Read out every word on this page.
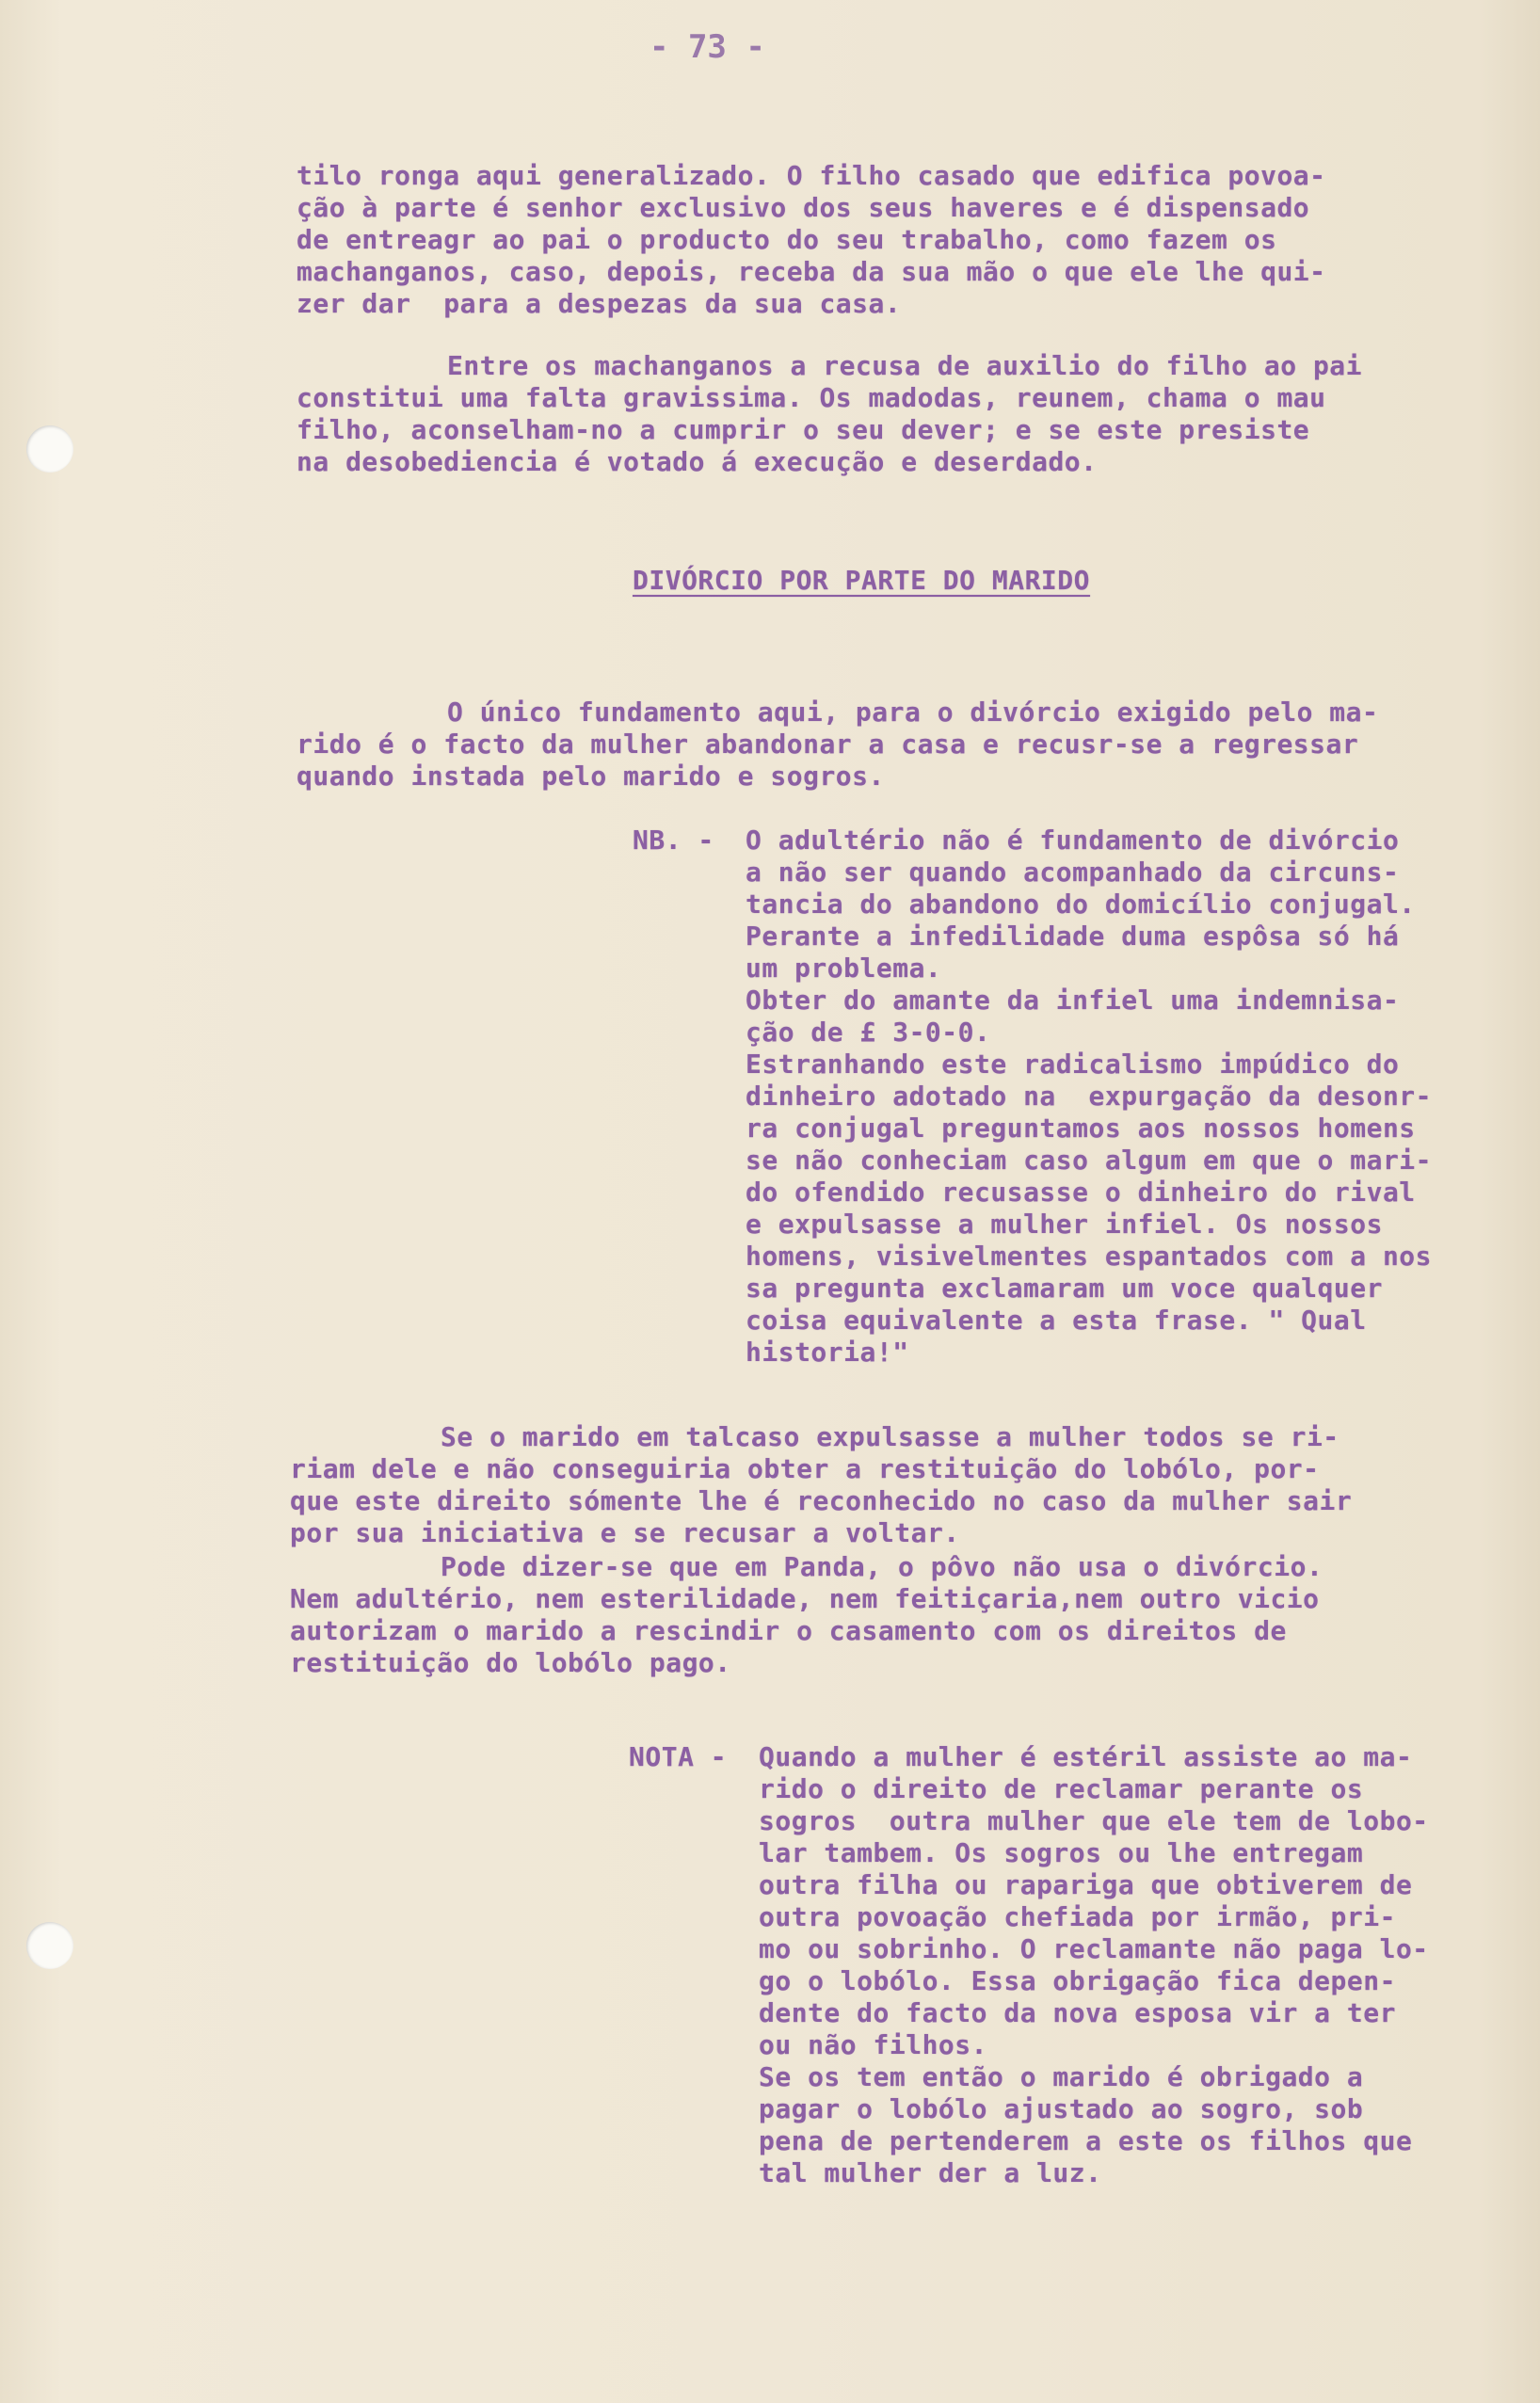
- 73 -
tilo ronga aqui generalizado. O filho casado que edifica povoa-
ção à parte é senhor exclusivo dos seus haveres e é dispensado
de entreagr ao pai o producto do seu trabalho, como fazem os
machanganos, caso, depois, receba da sua mão o que ele lhe qui-
zer dar  para a despezas da sua casa.
Entre os machanganos a recusa de auxilio do filho ao pai
constitui uma falta gravissima. Os madodas, reunem, chama o mau
filho, aconselham-no a cumprir o seu dever; e se este presiste
na desobediencia é votado á execução e deserdado.
DIVÓRCIO POR PARTE DO MARIDO
O único fundamento aqui, para o divórcio exigido pelo ma-
rido é o facto da mulher abandonar a casa e recusr-se a regressar
quando instada pelo marido e sogros.
NB. - O adultério não é fundamento de divórcio
a não ser quando acompanhado da circuns-
tancia do abandono do domicílio conjugal.
Perante a infedilidade duma espôsa só há
um problema.
Obter do amante da infiel uma indemnisa-
ção de £ 3-0-0.
Estranhando este radicalismo impúdico do
dinheiro adotado na  expurgação da desonr-
ra conjugal preguntamos aos nossos homens
se não conheciam caso algum em que o mari-
do ofendido recusasse o dinheiro do rival
e expulsasse a mulher infiel. Os nossos
homens, visivelmentes espantados com a nos
sa pregunta exclamaram um voce qualquer
coisa equivalente a esta frase. " Qual
historia!"
Se o marido em talcaso expulsasse a mulher todos se ri-
riam dele e não conseguiria obter a restituição do lobólo, por-
que este direito sómente lhe é reconhecido no caso da mulher sair
por sua iniciativa e se recusar a voltar.
Pode dizer-se que em Panda, o pôvo não usa o divórcio.
Nem adultério, nem esterilidade, nem feitiçaria,nem outro vicio
autorizam o marido a rescindir o casamento com os direitos de
restituição do lobólo pago.
NOTA - Quando a mulher é estéril assiste ao ma-
rido o direito de reclamar perante os
sogros  outra mulher que ele tem de lobo-
lar tambem. Os sogros ou lhe entregam
outra filha ou rapariga que obtiverem de
outra povoação chefiada por irmão, pri-
mo ou sobrinho. O reclamante não paga lo-
go o lobólo. Essa obrigação fica depen-
dente do facto da nova esposa vir a ter
ou não filhos.
Se os tem então o marido é obrigado a
pagar o lobólo ajustado ao sogro, sob
pena de pertenderem a este os filhos que
tal mulher der a luz.
